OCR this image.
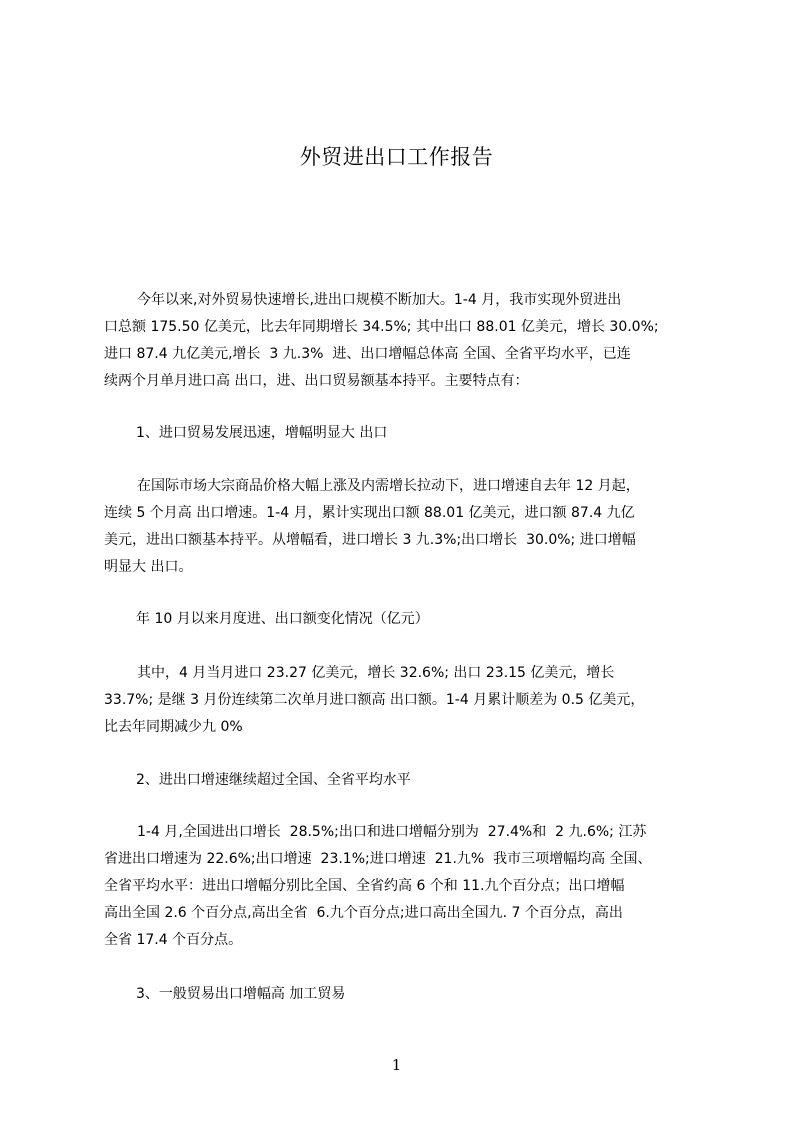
外贸进出口工作报告
今年以来,对外贸易快速增长,进出口规模不断加大。1-4 月，我市实现外贸进出
口总额 175.50 亿美元，比去年同期增长 34.5%; 其中出口 88.01 亿美元，增长 30.0%;
进口 87.4 九亿美元,增长  3 九.3%  进、出口增幅总体高 全国、全省平均水平，已连
续两个月单月进口高 出口，进、出口贸易额基本持平。主要特点有：
1、进口贸易发展迅速，增幅明显大 出口
在国际市场大宗商品价格大幅上涨及内需增长拉动下，进口增速自去年 12 月起，
连续 5 个月高 出口增速。1-4 月，累计实现出口额 88.01 亿美元，进口额 87.4 九亿
美元，进出口额基本持平。从增幅看，进口增长 3 九.3%;出口增长  30.0%; 进口增幅
明显大 出口。
年 10 月以来月度进、出口额变化情况（亿元）
其中，4 月当月进口 23.27 亿美元，增长 32.6%; 出口 23.15 亿美元，增长
33.7%; 是继 3 月份连续第二次单月进口额高 出口额。1-4 月累计顺差为 0.5 亿美元，
比去年同期减少九 0%
2、进出口增速继续超过全国、全省平均水平
1-4 月,全国进出口增长  28.5%;出口和进口增幅分别为  27.4%和  2 九.6%; 江苏
省进出口增速为 22.6%;出口增速  23.1%;进口增速  21.九%  我市三项增幅均高 全国、
全省平均水平：进出口增幅分别比全国、全省约高 6 个和 11.九个百分点；出口增幅
高出全国 2.6 个百分点,高出全省  6.九个百分点;进口高出全国九. 7 个百分点，高出
全省 17.4 个百分点。
3、一般贸易出口增幅高 加工贸易
1
